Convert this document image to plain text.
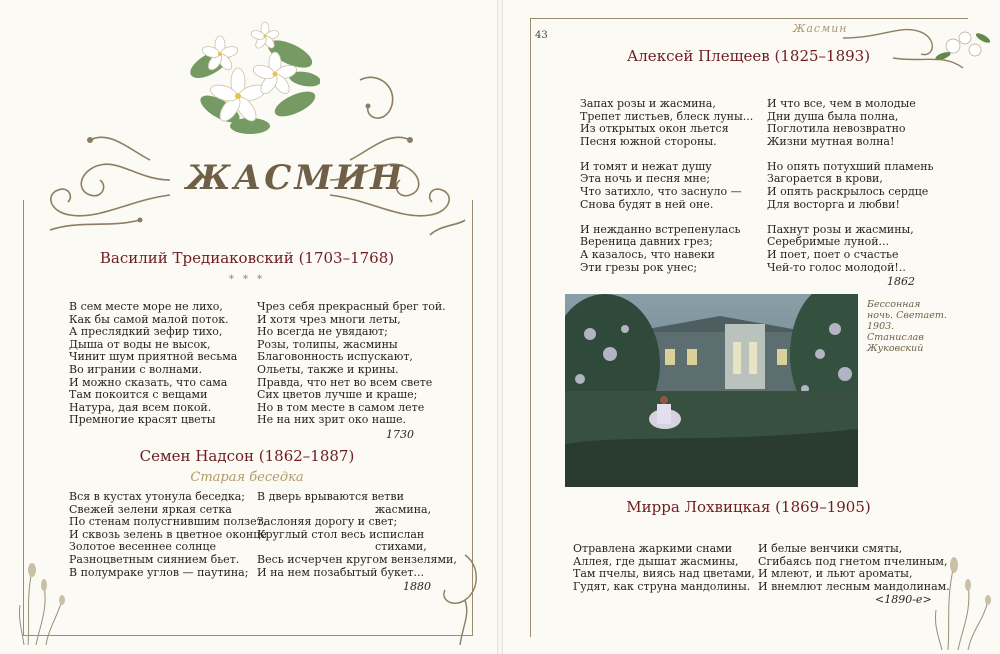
ЖАСМИН
Василий Тредиаковский (1703–1768)
* * *
В сем месте море не лихо,
Как бы самой малой поток.
А преслядкий зефир тихо,
Дыша от воды не высок,
Чинит шум приятной весьма
Во игрании с волнами.
И можно сказать, что сама
Там покоится с вещами
Натура, дая всем покой.
Премногие красят цветы
Чрез себя прекрасный брег той.
И хотя чрез многи леты,
Но всегда не увядают;
Розы, толипы, жасмины
Благовонность испускают,
Ольеты, также и крины.
Правда, что нет во всем свете
Сих цветов лучше и краше;
Но в том месте в самом лете
Не на них зрит око наше.
1730
Семен Надсон (1862–1887)
Старая беседка
Вся в кустах утонула беседка;
Свежей зелени яркая сетка
По стенам полусгнившим ползет,
И сквозь зелень в цветное оконце
Золотое весеннее солнце
Разноцветным сиянием бьет.
В полумраке углов — паутина;
В дверь врываются ветви
жасмина,
Заслоняя дорогу и свет;
Круглый стол весь испислан
стихами,
Весь исчерчен кругом вензелями,
И на нем позабытый букет...
1880
43
Жасмин
Алексей Плещеев (1825–1893)
Запах розы и жасмина,
Трепет листьев, блеск луны...
Из открытых окон льется
Песня южной стороны.
И томят и нежат душу
Эта ночь и песня мне;
Что затихло, что заснуло —
Снова будят в ней оне.
И нежданно встрепенулась
Вереница давних грез;
А казалось, что навеки
Эти грезы рок унес;
И что все, чем в молодые
Дни душа была полна,
Поглотила невозвратно
Жизни мутная волна!
Но опять потухший пламень
Загорается в крови,
И опять раскрылось сердце
Для восторга и любви!
Пахнут розы и жасмины,
Серебримые луной...
И поет, поет о счастье
Чей-то голос молодой!..
1862
Бессонная
ночь. Светает.
1903.
Станислав
Жуковский
Мирра Лохвицкая (1869–1905)
Отравлена жаркими снами
Аллея, где дышат жасмины,
Там пчелы, виясь над цветами,
Гудят, как струна мандолины.
И белые венчики смяты,
Сгибаясь под гнетом пчелиным,
И млеют, и льют ароматы,
И внемлют лесным мандолинам.
<1890-е>
